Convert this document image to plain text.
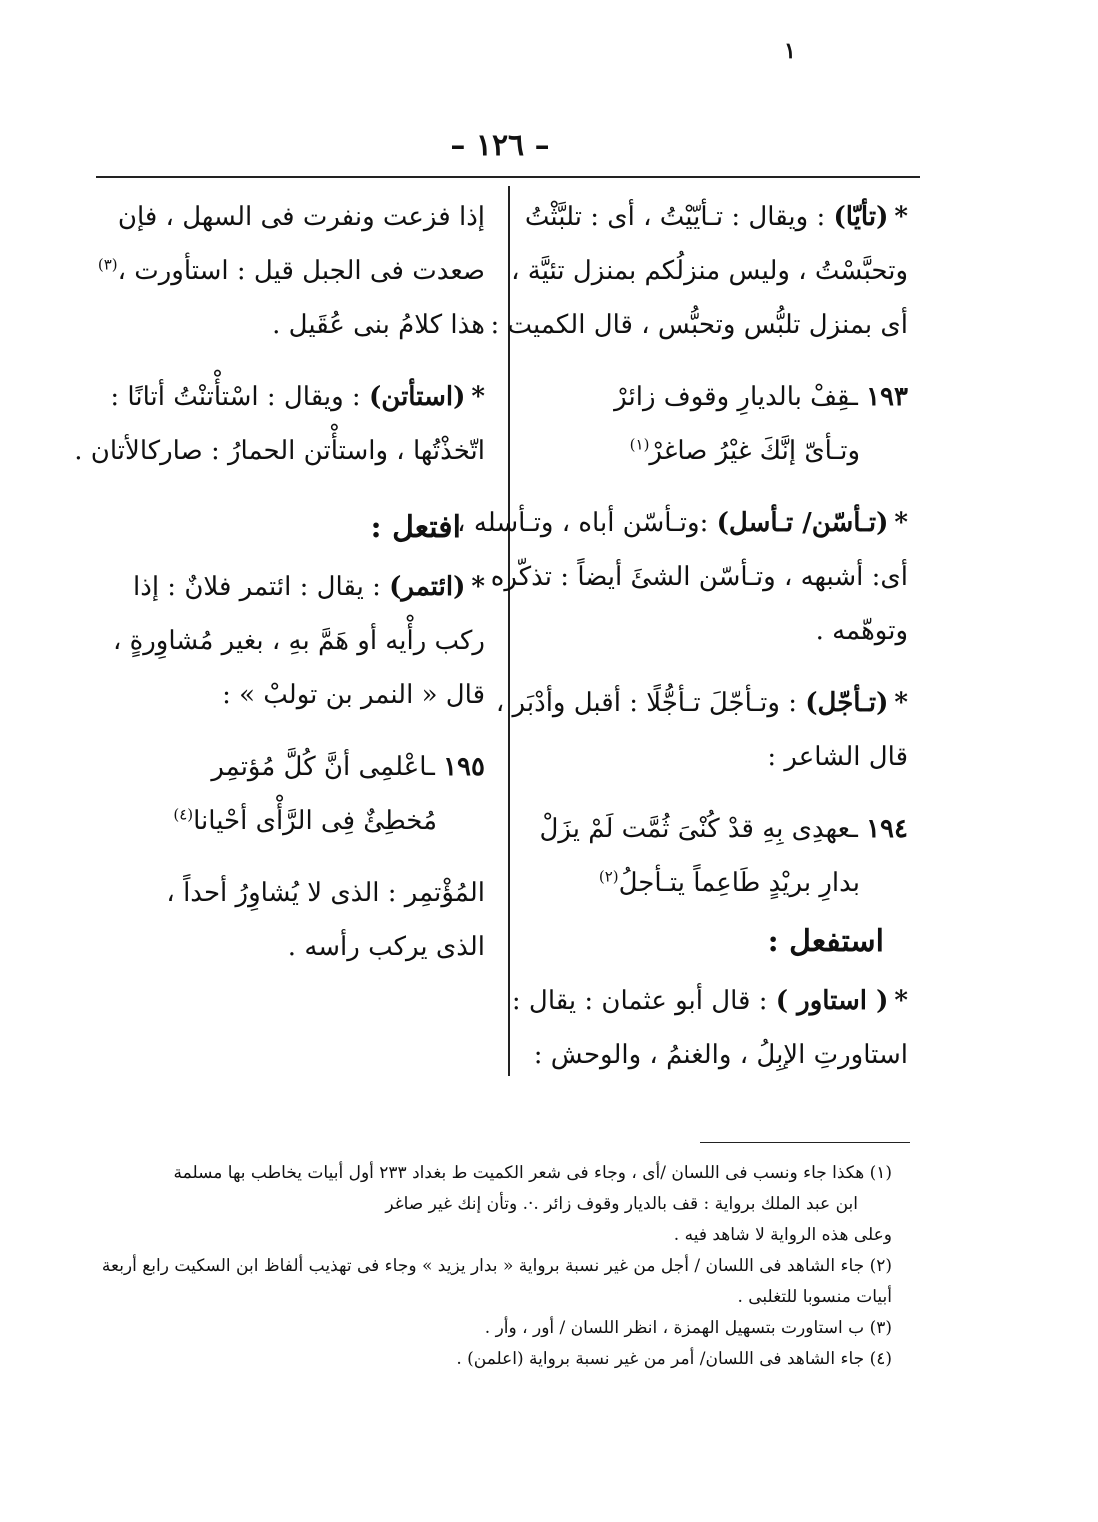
١
– ١٢٦ –
*(تأيّا) : ويقال : تـأيّيْتُ ، أى : تلبَّثْتُ
وتحبَّسْتُ ، وليس منزلُكم بمنزل تئيَّة ،
أى بمنزل تلبُّس وتحبُّس ، قال الكميت :
١٩٣ ـقِفْ بالديارِ وقوف زائرْ
وتـأىّ إنَّكَ غيْرُ صاغرْ$^{(١)}$
*(تـأسّن/ تـأسل) :وتـأسّن أباه ، وتـأسله ،
أى: أشبهه ، وتـأسّن الشئَ أيضاً : تذكّره
وتوهّمه .
*(تـأجّل) : وتـأجّلَ تـأجُّلًا : أقبل وأدْبَر ،
قال الشاعر :
١٩٤ ـعهدِى بِهِ قدْ كُنْىَ ثُمَّت لَمْ يزَلْ
بدارِ بريْدٍ طَاعِماً يتـأجلُ$^{(٢)}$
استفعل :
*( استاور ) : قال أبو عثمان : يقال :
استاورتِ الإبِلُ ، والغنمُ ، والوحش :
إذا فزعت ونفرت فى السهل ، فإن
صعدت فى الجبل قيل : استأورت ،$^{(٣)}$
هذا كلامُ بنى عُقَيل .
*(استأتن) : ويقال : اسْتأْتنْتُ أتانًا :
اتّخذْتُها ، واستأْتن الحمارُ : صاركالأتان .
افتعل :
*(ائتمر) : يقال : ائتمر فلانٌ : إذا
ركب رأْيه أو هَمَّ بهِ ، بغير مُشاوِرةٍ ،
قال « النمر بن تولبْ » :
١٩٥ ـاعْلمِى أنَّ كُلَّ مُؤتمِر
مُخطِئٌ فِى الرَّأْى أحْيانا$^{(٤)}$
المُؤْتمِر : الذى لا يُشاوِرُ أحداً ،
الذى يركب رأسه .
(١) هكذا جاء ونسب فى اللسان /أى ، وجاء فى شعر الكميت ط بغداد ٢٣٣ أول أبيات يخاطب بها مسلمة
ابن عبد الملك برواية : قف بالديار وقوف زائر .·. وتأن إنك غير صاغر
وعلى هذه الرواية لا شاهد فيه .
(٢) جاء الشاهد فى اللسان / أجل من غير نسبة برواية « بدار يزيد » وجاء فى تهذيب ألفاظ ابن السكيت رابع أربعة
أبيات منسوبا للتغلبى .
(٣) ب استاورت بتسهيل الهمزة ، انظر اللسان / أور ، وأر .
(٤) جاء الشاهد فى اللسان/ أمر من غير نسبة برواية (اعلمن) .
